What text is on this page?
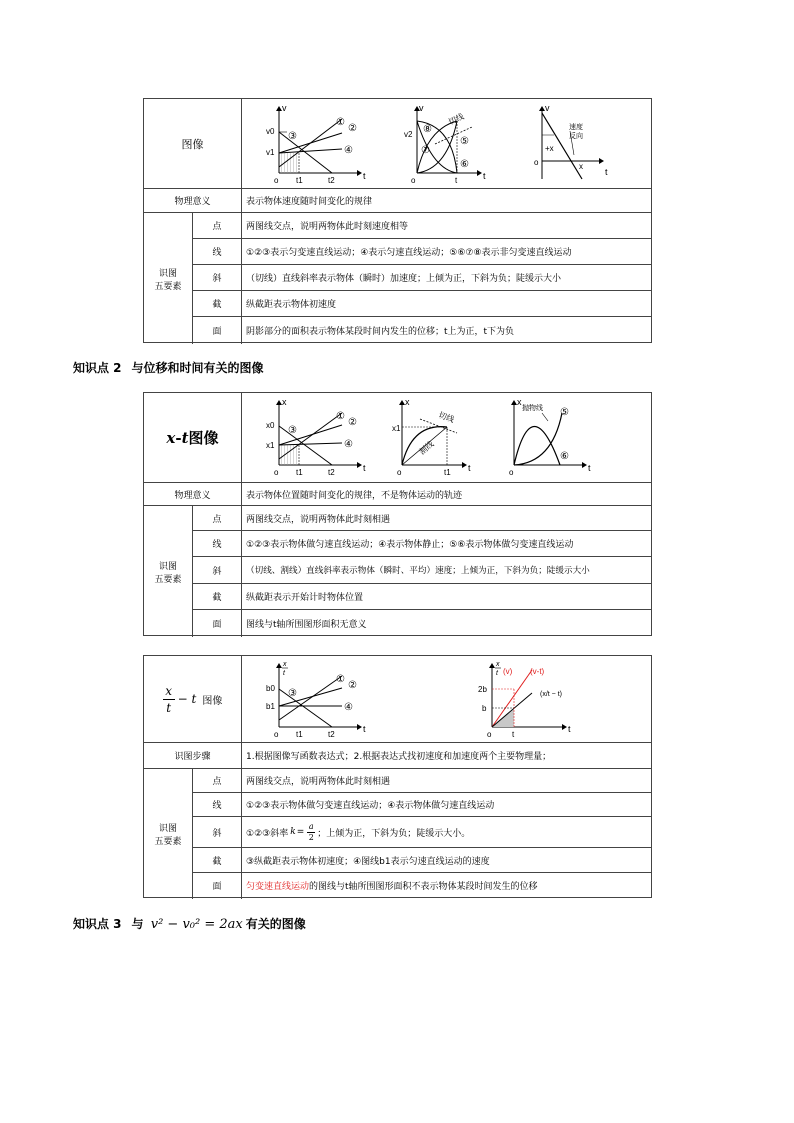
图像
v
t
v0
v1
o t1	t2
①
②
③
④
v
t
v2
o	t
切线
⑧
⑦
⑤
⑥
v
t
o
+x
x
速度
反向
物理意义	表示物体速度随时间变化的规律
识图
五要素
点	两图线交点，说明两物体此时刻速度相等
线	①②③表示匀变速直线运动；④表示匀速直线运动；⑤⑥⑦⑧表示非匀变速直线运动
斜	（切线）直线斜率表示物体（瞬时）加速度；上倾为正，下斜为负；陡缓示大小
截	纵截距表示物体初速度
面	阴影部分的面积表示物体某段时间内发生的位移；t上为正，t下为负
知识点 2 与位移和时间有关的图像
x-t图像
x
t
x0
x1
o t1	t2
①
②
③
④
x
t
x1
o	t1
切线
割线
x
t
o
抛物线 ⑤
⑥
物理意义	表示物体位置随时间变化的规律，不是物体运动的轨迹
识图
五要素
点	两图线交点，说明两物体此时刻相遇
线	①②③表示物体做匀速直线运动；④表示物体静止；⑤⑥表示物体做匀变速直线运动
斜	（切线、割线）直线斜率表示物体（瞬时、平均）速度；上倾为正，下斜为负；陡缓示大小
截	纵截距表示开始计时物体位置
面	图线与t轴所围图形面积无意义
$\frac{x}{t} - t$ 图像
x
t
t
b0
b1
o t1	t2
①
②
③
④
x
t (v) (v-t)
(x/t − t)
t
2b
b
o	t
识图步骤	1.根据图像写函数表达式；2.根据表达式找初速度和加速度两个主要物理量；
识图
五要素
点	两图线交点，说明两物体此时刻相遇
线	①②③表示物体做匀变速直线运动；④表示物体做匀速直线运动
斜	①②③斜率 $k = \frac{a}{2}$ ；上倾为正，下斜为负；陡缓示大小。
截	③纵截距表示物体初速度；④图线b1表示匀速直线运动的速度
面	匀变速直线运动 的图线与t轴所围图形面积不表示物体某段时间发生的位移
知识点 3 与 v² − v₀² = 2ax 有关的图像
